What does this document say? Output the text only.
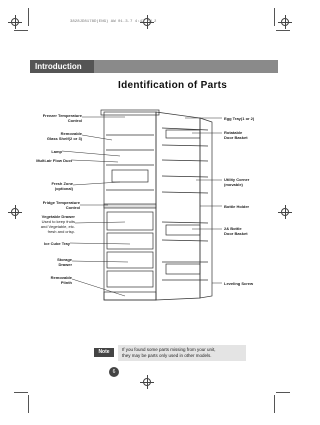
3828JD8178D(ENG) AW 01.3.7 4:43 PM 2
Introduction
Identification of Parts
Freezer Temperature
Control
Removable
Glass Shelf(2 or 3)
Lamp
Multi-air Flow Duct
Fresh Zone
(optional)
Fridge Temperature
Control
Vegetable Drawer
Used to keep fruits
and Vegetable, etc.
fresh and crisp.
Ice Cube Tray
Storage
Drawer
Removable
Plinth
Egg Tray(1 or 2)
Rotatable
Door Basket
Utility Corner
(movable)
Bottle Holder
2& Bottle
Door Basket
Leveling Screw
Note	If you found some parts missing from your unit,
they may be parts only used in other models.
6
